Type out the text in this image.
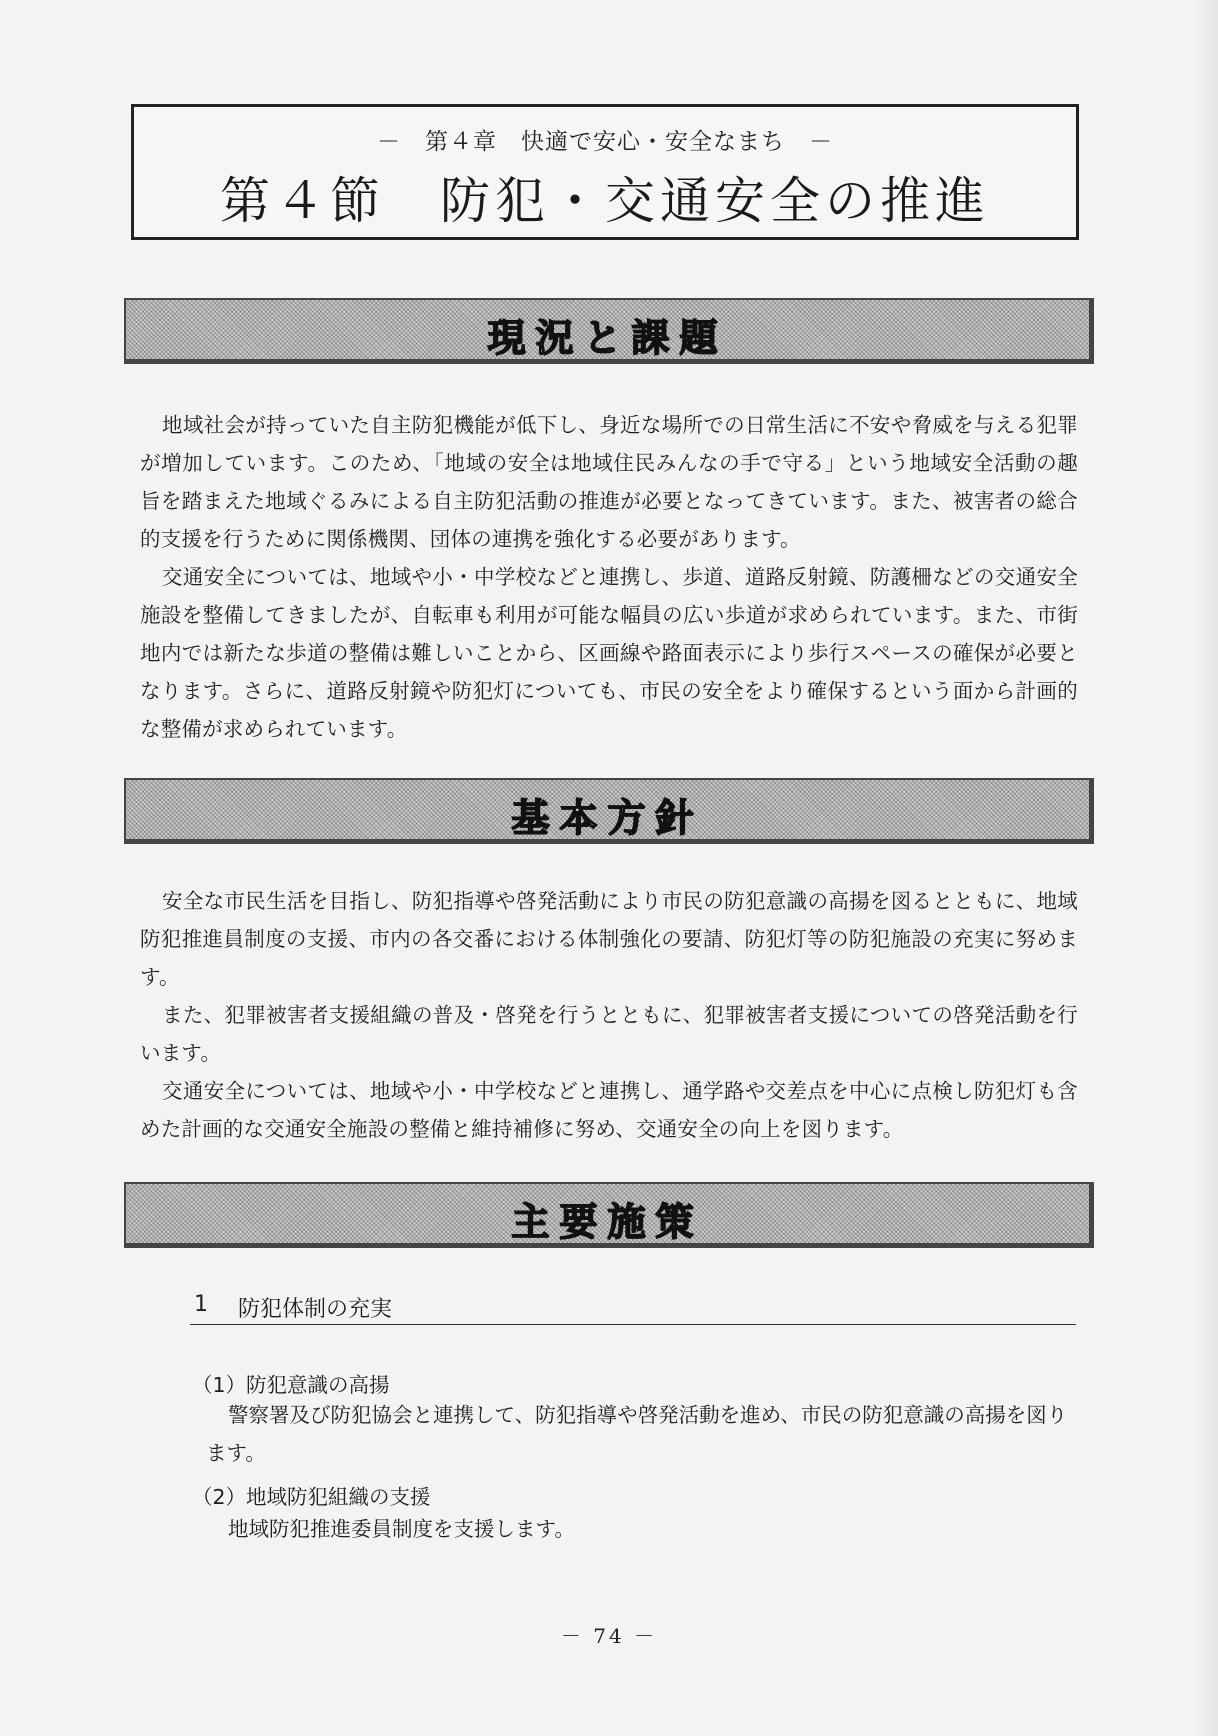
－　第４章　快適で安心・安全なまち　－
第４節　防犯・交通安全の推進
現況と課題
地域社会が持っていた自主防犯機能が低下し、身近な場所での日常生活に不安や脅威を与える犯罪が増加しています。このため、「地域の安全は地域住民みんなの手で守る」という地域安全活動の趣旨を踏まえた地域ぐるみによる自主防犯活動の推進が必要となってきています。また、被害者の総合的支援を行うために関係機関、団体の連携を強化する必要があります。
交通安全については、地域や小・中学校などと連携し、歩道、道路反射鏡、防護柵などの交通安全施設を整備してきましたが、自転車も利用が可能な幅員の広い歩道が求められています。また、市街地内では新たな歩道の整備は難しいことから、区画線や路面表示により歩行スペースの確保が必要となります。さらに、道路反射鏡や防犯灯についても、市民の安全をより確保するという面から計画的な整備が求められています。
基本方針
安全な市民生活を目指し、防犯指導や啓発活動により市民の防犯意識の高揚を図るとともに、地域防犯推進員制度の支援、市内の各交番における体制強化の要請、防犯灯等の防犯施設の充実に努めます。
また、犯罪被害者支援組織の普及・啓発を行うとともに、犯罪被害者支援についての啓発活動を行います。
交通安全については、地域や小・中学校などと連携し、通学路や交差点を中心に点検し防犯灯も含めた計画的な交通安全施設の整備と維持補修に努め、交通安全の向上を図ります。
主要施策
1 防犯体制の充実
（1）防犯意識の高揚
警察署及び防犯協会と連携して、防犯指導や啓発活動を進め、市民の防犯意識の高揚を図ります。
（2）地域防犯組織の支援
地域防犯推進委員制度を支援します。
－ 74 －
